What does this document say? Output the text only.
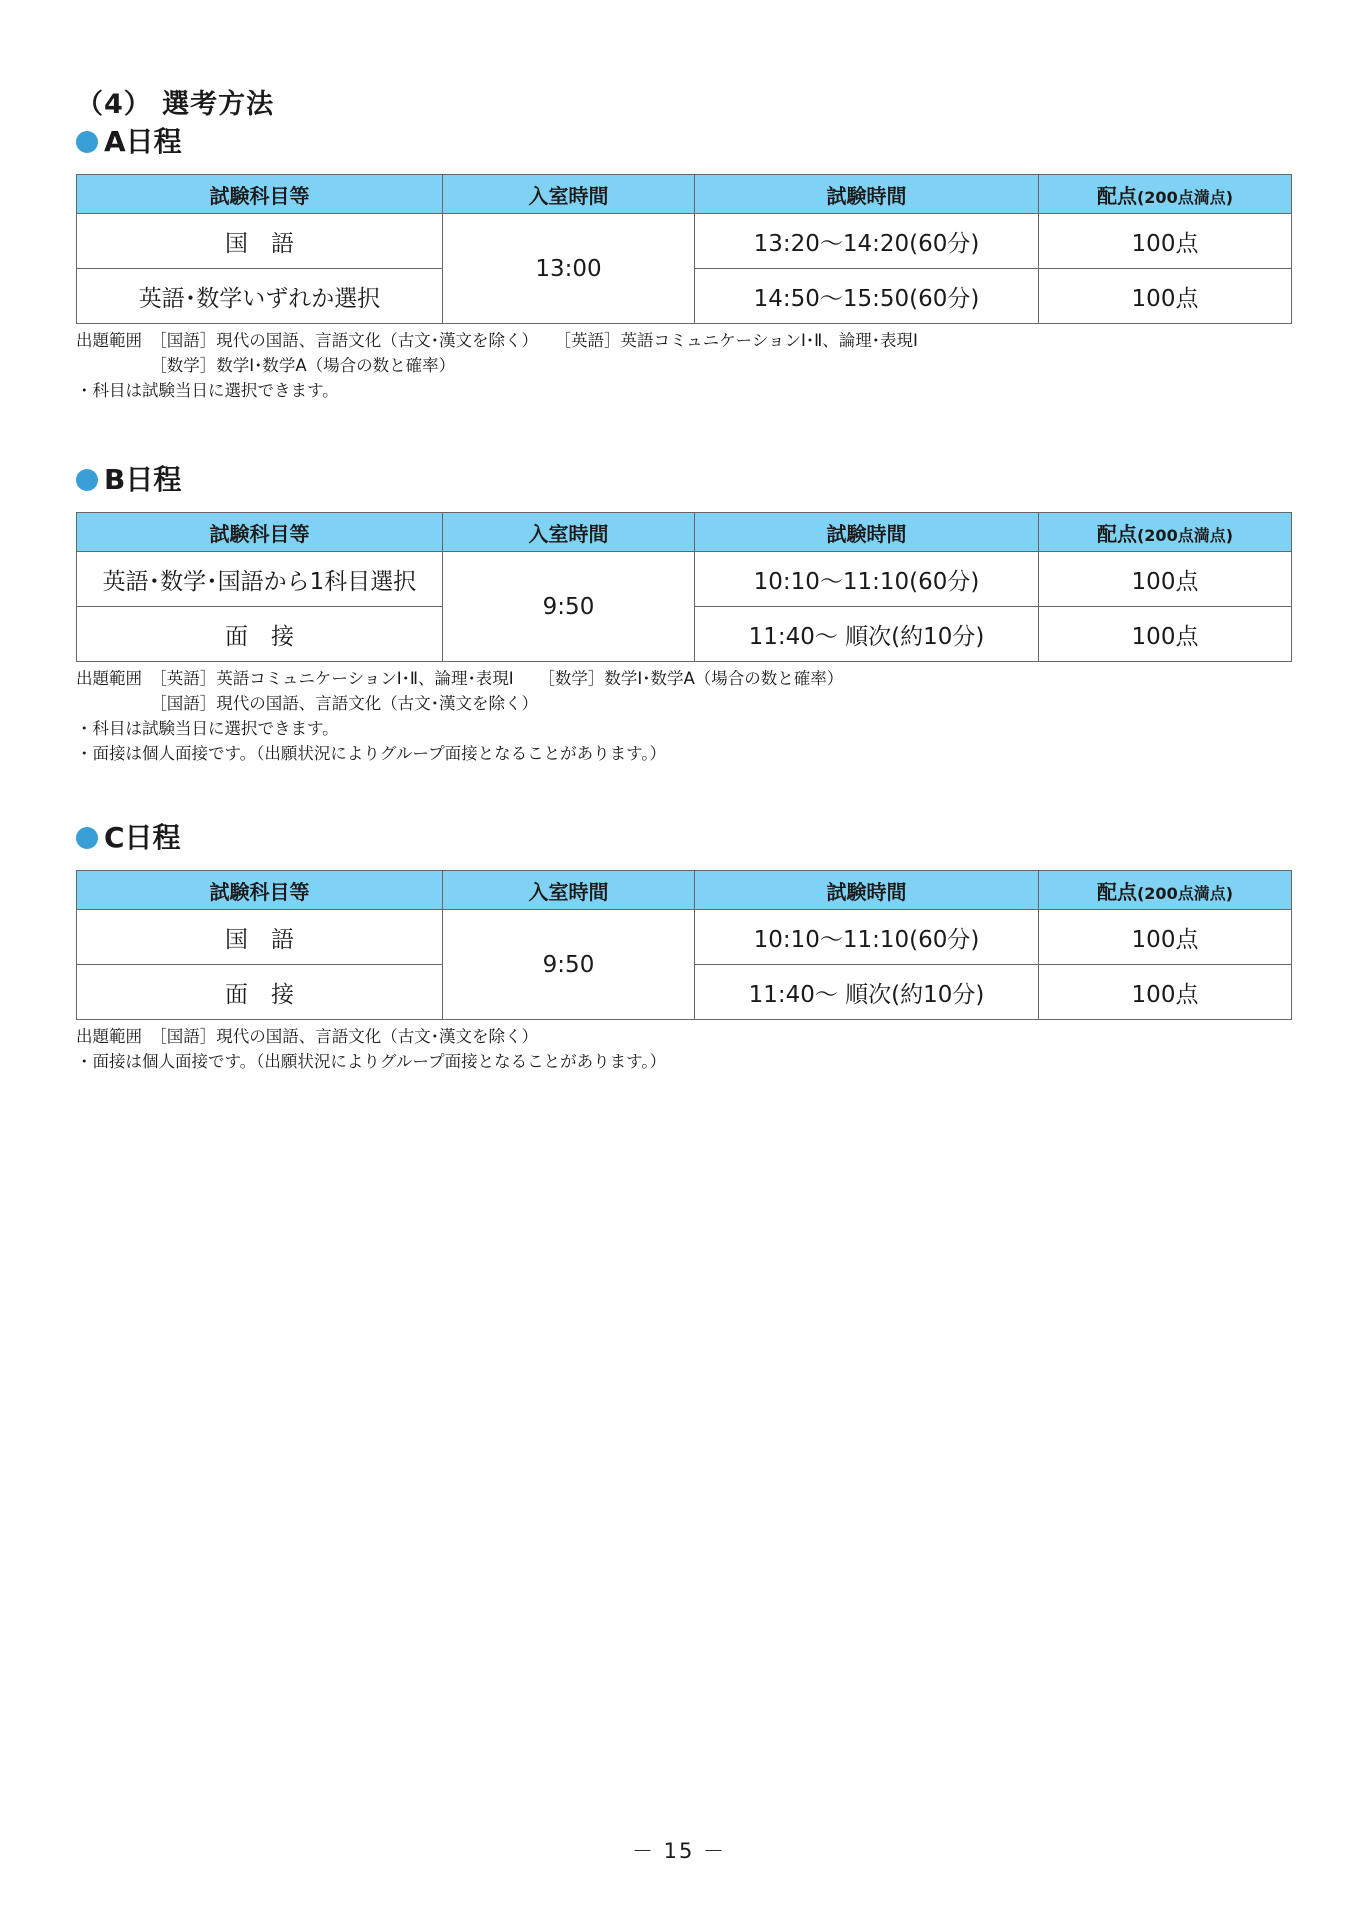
（4） 選考方法
A日程
試験科目等	入室時間	試験時間	配点(200点満点)
国　語	13:00	13:20〜14:20(60分)	100点
英語･数学いずれか選択		14:50〜15:50(60分)	100点
出題範囲　［国語］現代の国語、言語文化（古文･漢文を除く）　　［英語］英語コミュニケーションⅠ･Ⅱ、論理･表現Ⅰ
　　　　　［数学］数学Ⅰ･数学A（場合の数と確率）
・科目は試験当日に選択できます。
B日程
試験科目等	入室時間	試験時間	配点(200点満点)
英語･数学･国語から1科目選択	9:50	10:10〜11:10(60分)	100点
面　接		11:40〜 順次(約10分)	100点
出題範囲　［英語］英語コミュニケーションⅠ･Ⅱ、論理･表現Ⅰ　　［数学］数学Ⅰ･数学A（場合の数と確率）
　　　　　［国語］現代の国語、言語文化（古文･漢文を除く）
・科目は試験当日に選択できます。
・面接は個人面接です。（出願状況によりグループ面接となることがあります。）
C日程
試験科目等	入室時間	試験時間	配点(200点満点)
国　語	9:50	10:10〜11:10(60分)	100点
面　接		11:40〜 順次(約10分)	100点
出題範囲　［国語］現代の国語、言語文化（古文･漢文を除く）
・面接は個人面接です。（出願状況によりグループ面接となることがあります。）
－ 15 －
